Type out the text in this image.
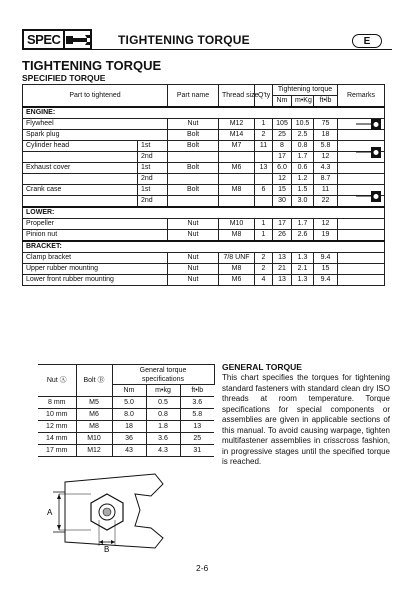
SPEC	TIGHTENING TORQUE	E
TIGHTENING TORQUE
SPECIFIED TORQUE
Part to tightened		Part name	Thread size	Q'ty	Tightening torque			Remarks
					Nm	m•Kg	ft•lb	
ENGINE:								
Flywheel		Nut	M12	1	105	10.5	75	
Spark plug		Bolt	M14	2	25	2.5	18	
Cylinder head	1st	Bolt	M7	11	8	0.8	5.8	
	2nd				17	1.7	12	
Exhaust cover	1st	Bolt	M6	13	6.0	0.6	4.3	
	2nd				12	1.2	8.7	
Crank case	1st	Bolt	M8	6	15	1.5	11	
	2nd				30	3.0	22	
LOWER:								
Propeller		Nut	M10	1	17	1.7	12	
Pinion nut		Nut	M8	1	26	2.6	19	
BRACKET:								
Clamp bracket		Nut	7/8 UNF	2	13	1.3	9.4	
Upper rubber mounting		Nut	M8	2	21	2.1	15	
Lower front rubber mounting		Nut	M6	4	13	1.3	9.4	
Nut Ⓐ	Bolt Ⓑ	General torque
specifications		
		Nm	m•kg	ft•lb
8 mm	M5	5.0	0.5	3.6
10 mm	M6	8.0	0.8	5.8
12 mm	M8	18	1.8	13
14 mm	M10	36	3.6	25
17 mm	M12	43	4.3	31
GENERAL TORQUE
This chart specifies the torques for tightening standard fasteners with standard clean dry ISO threads at room temperature. Torque specifications for special components or assemblies are given in applicable sections of this manual. To avoid causing warpage, tighten multifastener assemblies in crisscross fashion, in progressive stages until the specified torque is reached.
A
B
2-6
